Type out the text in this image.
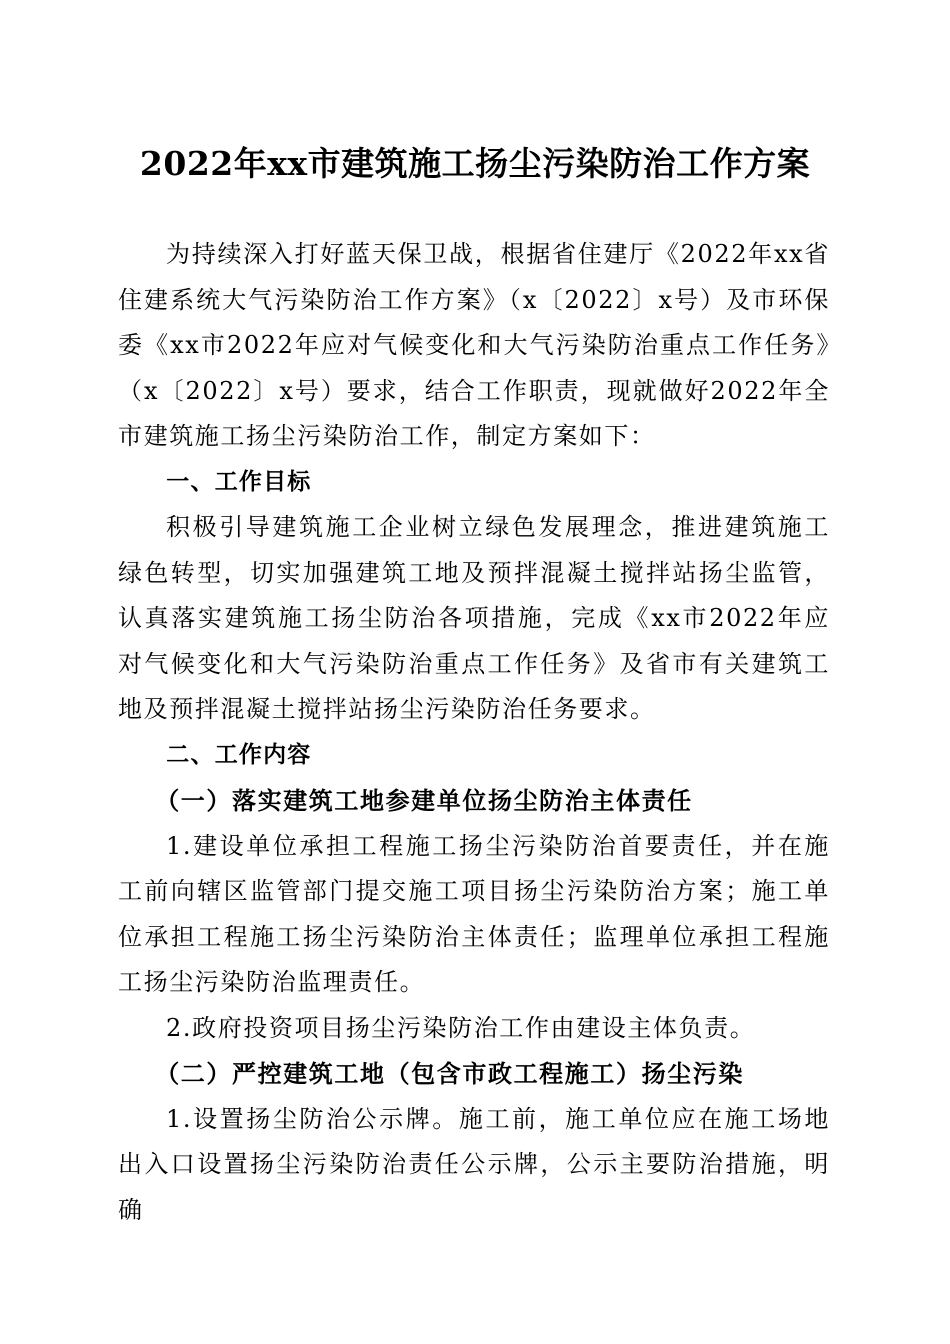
2022年xx市建筑施工扬尘污染防治工作方案

为持续深入打好蓝天保卫战，根据省住建厅《2022年xx省住建系统大气污染防治工作方案》（x〔2022〕x号）及市环保委《xx市2022年应对气候变化和大气污染防治重点工作任务》（x〔2022〕x号）要求，结合工作职责，现就做好2022年全市建筑施工扬尘污染防治工作，制定方案如下：

一、工作目标

积极引导建筑施工企业树立绿色发展理念，推进建筑施工绿色转型，切实加强建筑工地及预拌混凝土搅拌站扬尘监管，认真落实建筑施工扬尘防治各项措施，完成《xx市2022年应对气候变化和大气污染防治重点工作任务》及省市有关建筑工地及预拌混凝土搅拌站扬尘污染防治任务要求。

二、工作内容

（一）落实建筑工地参建单位扬尘防治主体责任

1.建设单位承担工程施工扬尘污染防治首要责任，并在施工前向辖区监管部门提交施工项目扬尘污染防治方案；施工单位承担工程施工扬尘污染防治主体责任；监理单位承担工程施工扬尘污染防治监理责任。

2.政府投资项目扬尘污染防治工作由建设主体负责。

（二）严控建筑工地（包含市政工程施工）扬尘污染

1.设置扬尘防治公示牌。施工前，施工单位应在施工场地出入口设置扬尘污染防治责任公示牌，公示主要防治措施，明确
